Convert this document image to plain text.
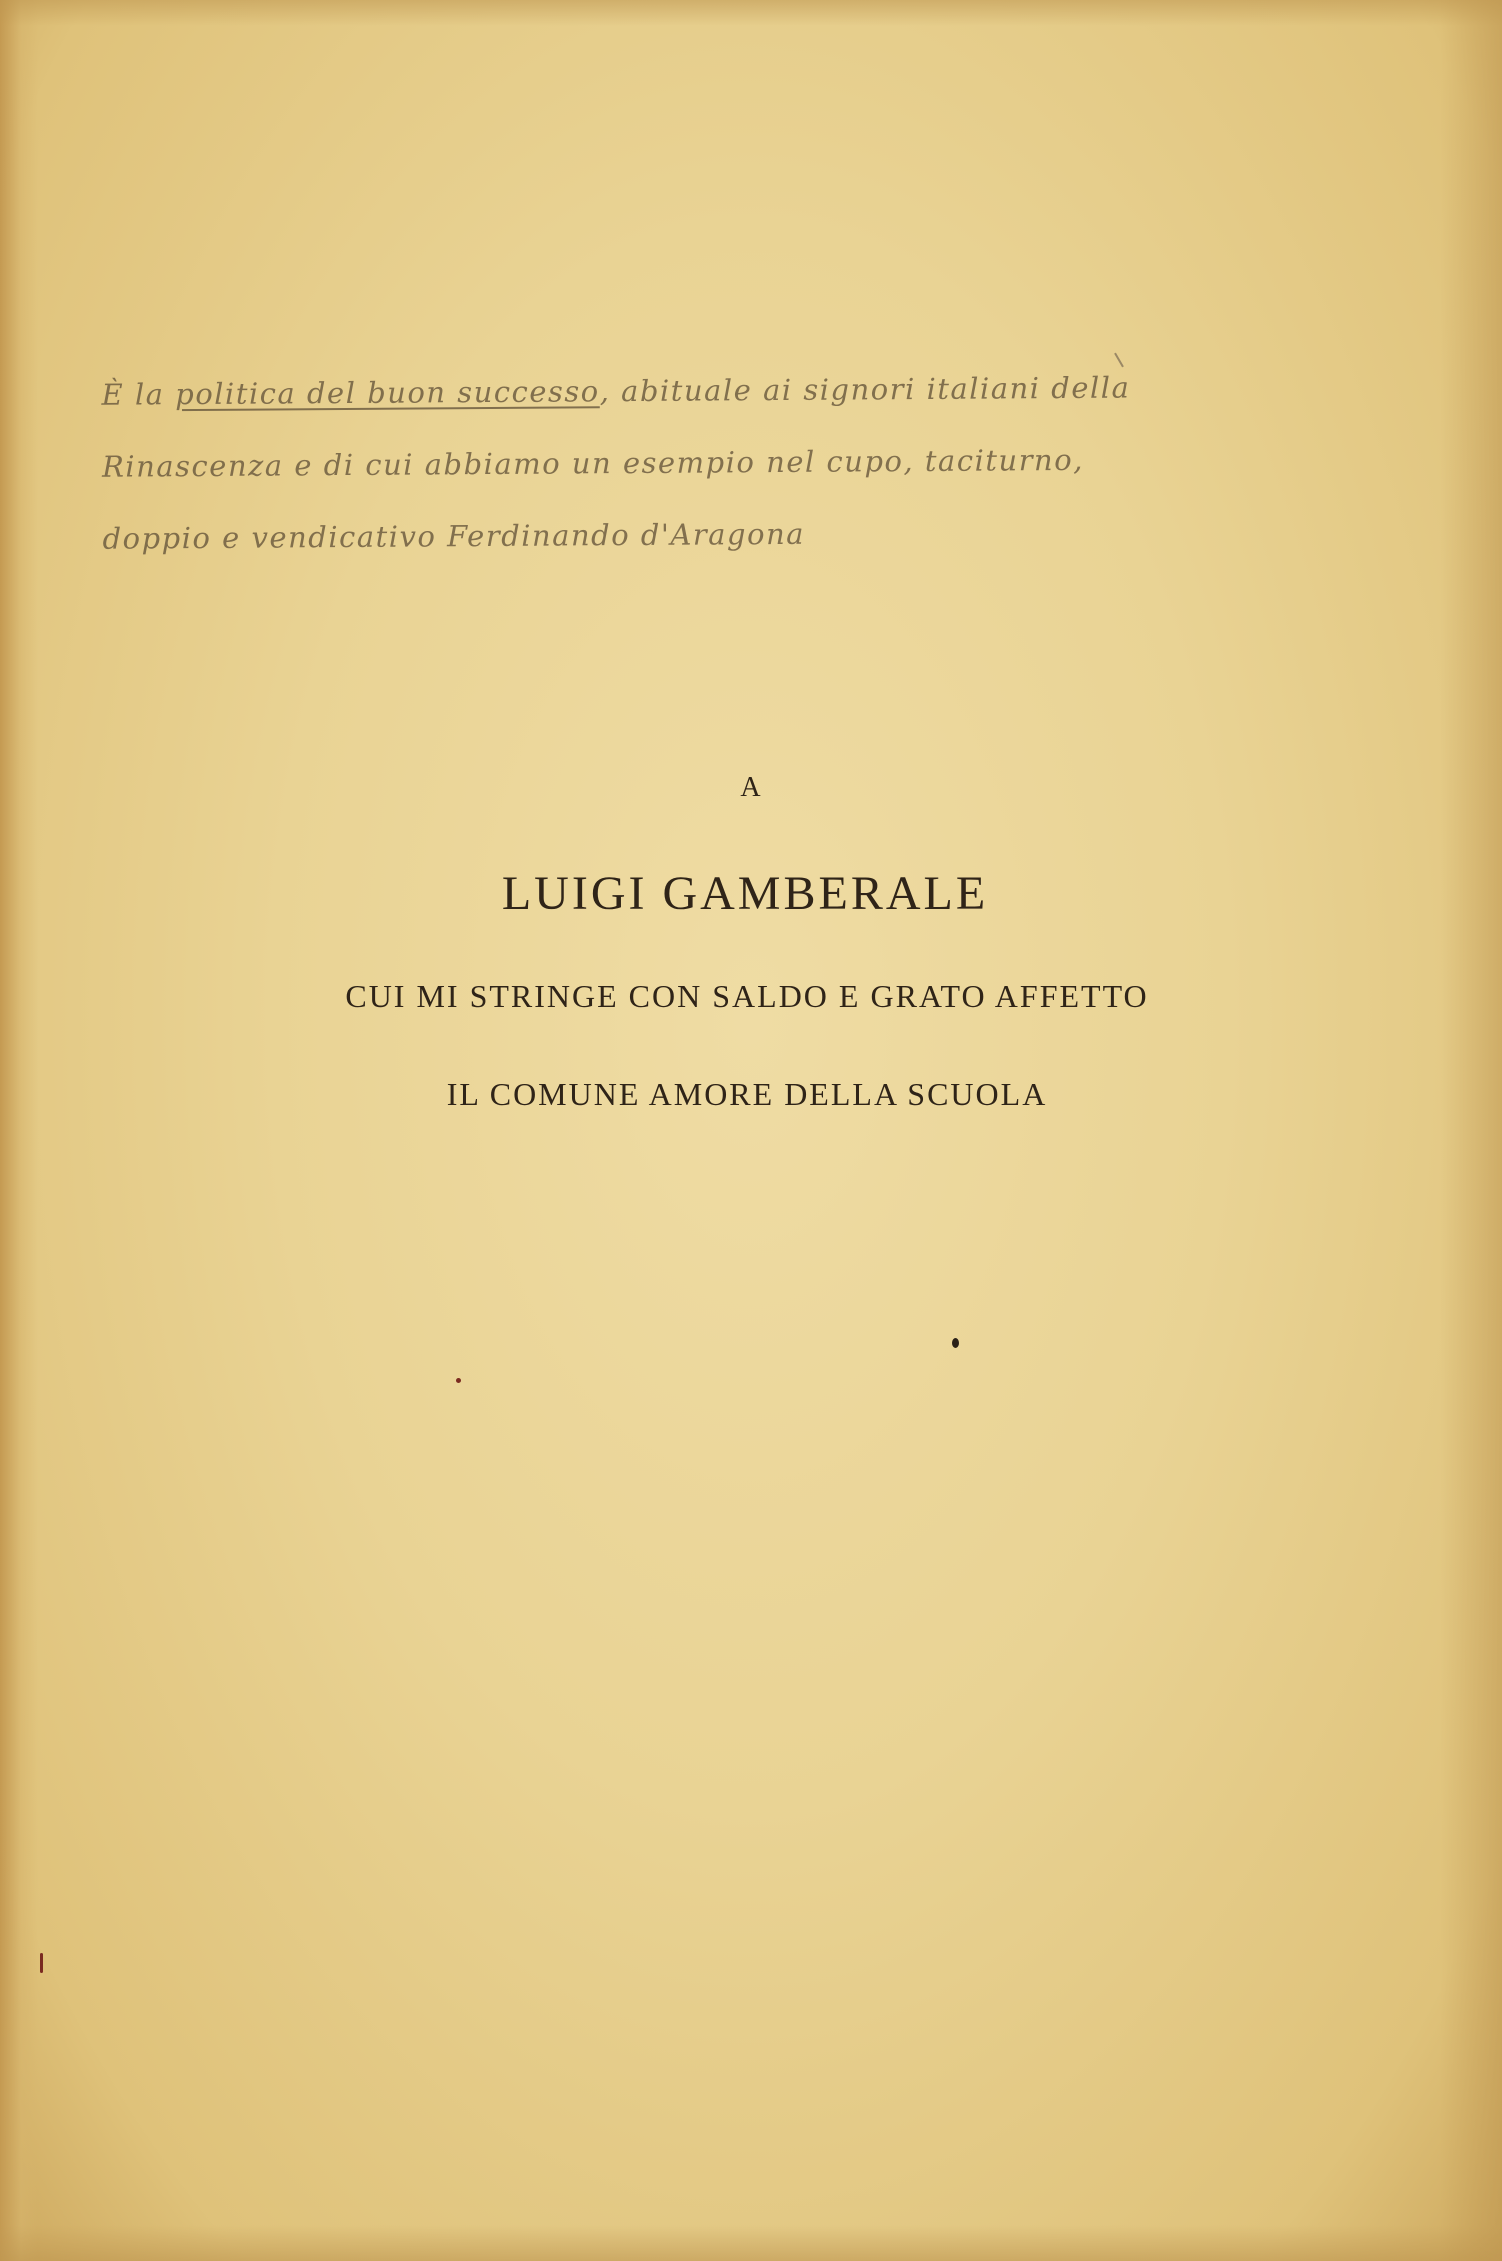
È la politica del buon successo, abituale ai signori italiani della
Rinascenza e di cui abbiamo un esempio nel cupo, taciturno,
doppio e vendicativo Ferdinando d'Aragona
A
LUIGI GAMBERALE
CUI MI STRINGE CON SALDO E GRATO AFFETTO
IL COMUNE AMORE DELLA SCUOLA
